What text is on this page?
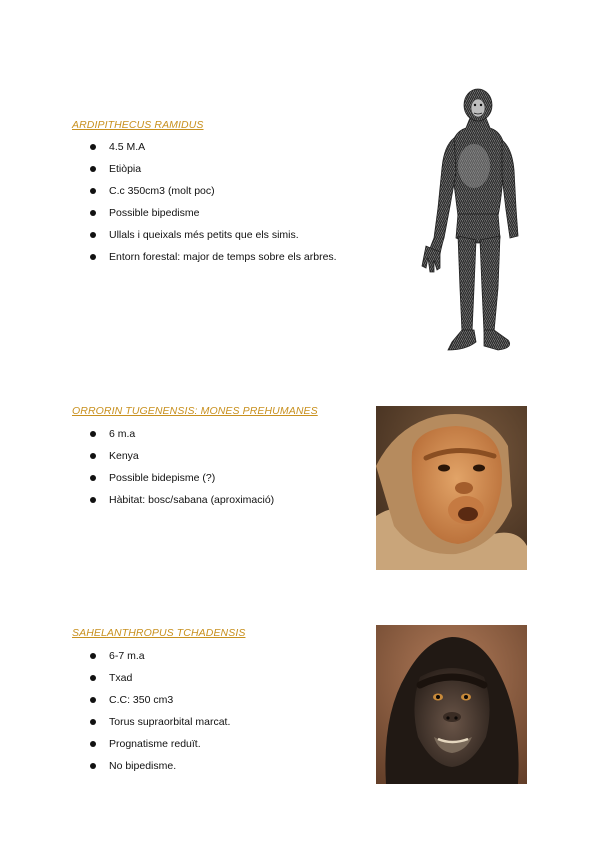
ARDIPITHECUS RAMIDUS
4.5 M.A
Etiòpia
C.c 350cm3 (molt poc)
Possible bipedisme
Ullals i queixals més petits que els simis.
Entorn forestal: major de temps sobre els arbres.
ORRORIN TUGENENSIS: MONES PREHUMANES
6 m.a
Kenya
Possible bidepisme (?)
Hàbitat: bosc/sabana (aproximació)
SAHELANTHROPUS TCHADENSIS
6-7 m.a
Txad
C.C: 350 cm3
Torus supraorbital marcat.
Prognatisme reduït.
No bipedisme.
